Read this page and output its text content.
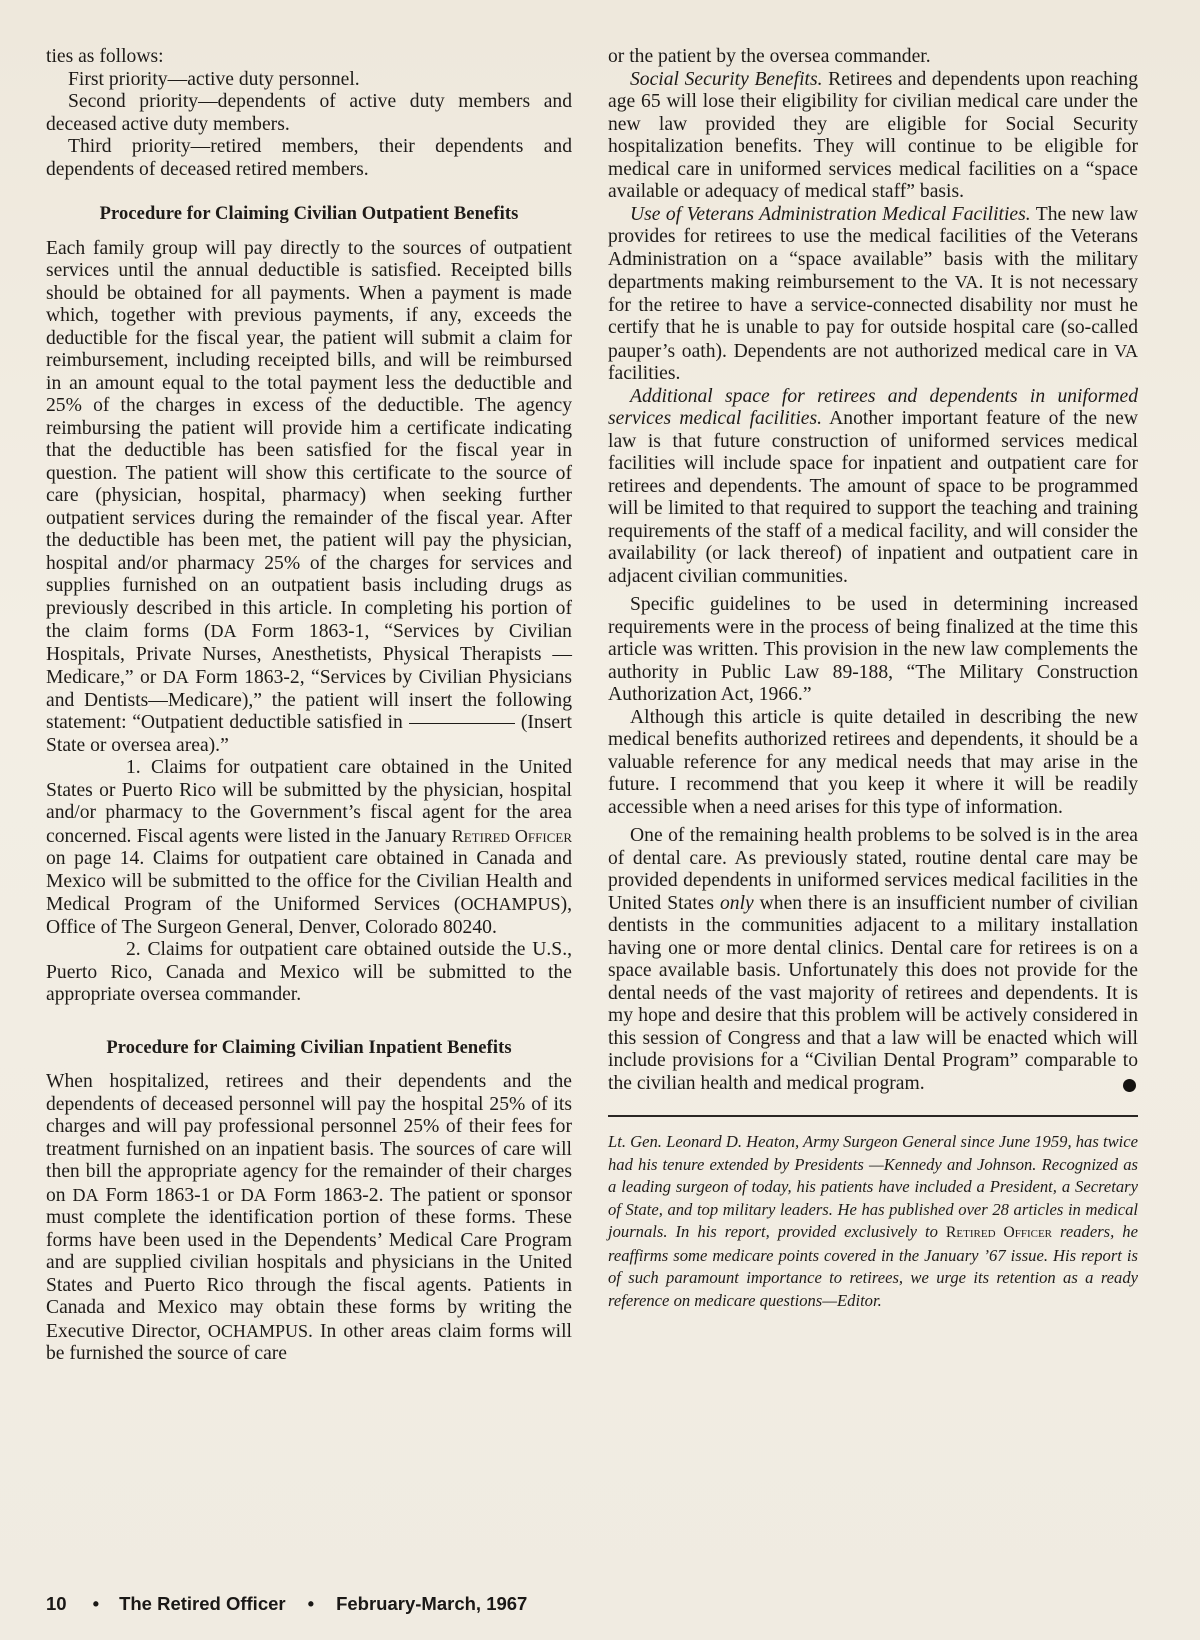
ties as follows:

First priority—active duty personnel.

Second priority—dependents of active duty members and deceased active duty members.

Third priority—retired members, their dependents and dependents of deceased retired members.

Procedure for Claiming Civilian Outpatient Benefits

Each family group will pay directly to the sources of outpatient services until the annual deductible is satisfied. Receipted bills should be obtained for all payments. When a payment is made which, together with previous payments, if any, exceeds the deductible for the fiscal year, the patient will submit a claim for reimbursement, including receipted bills, and will be reimbursed in an amount equal to the total payment less the deductible and 25% of the charges in excess of the deductible. The agency reimbursing the patient will provide him a certificate indicating that the deductible has been satisfied for the fiscal year in question. The patient will show this certificate to the source of care (physician, hospital, pharmacy) when seeking further outpatient services during the remainder of the fiscal year. After the deductible has been met, the patient will pay the physician, hospital and/or pharmacy 25% of the charges for services and supplies furnished on an outpatient basis including drugs as previously described in this article. In completing his portion of the claim forms (DA Form 1863-1, “Services by Civilian Hospitals, Private Nurses, Anesthetists, Physical Therapists —Medicare,” or DA Form 1863-2, “Services by Civilian Physicians and Dentists—Medicare),” the patient will insert the following statement: “Outpatient deductible satisfied in	(Insert State or oversea area).”

1. Claims for outpatient care obtained in the United States or Puerto Rico will be submitted by the physician, hospital and/or pharmacy to the Government’s fiscal agent for the area concerned. Fiscal agents were listed in the January Retired Officer on page 14. Claims for outpatient care obtained in Canada and Mexico will be submitted to the office for the Civilian Health and Medical Program of the Uniformed Services (OCHAMPUS), Office of The Surgeon General, Denver, Colorado 80240.

2. Claims for outpatient care obtained outside the U.S., Puerto Rico, Canada and Mexico will be submitted to the appropriate oversea commander.

Procedure for Claiming Civilian Inpatient Benefits

When hospitalized, retirees and their dependents and the dependents of deceased personnel will pay the hospital 25% of its charges and will pay professional personnel 25% of their fees for treatment furnished on an inpatient basis. The sources of care will then bill the appropriate agency for the remainder of their charges on DA Form 1863-1 or DA Form 1863-2. The patient or sponsor must complete the identification portion of these forms. These forms have been used in the Dependents’ Medical Care Program and are supplied civilian hospitals and physicians in the United States and Puerto Rico through the fiscal agents. Patients in Canada and Mexico may obtain these forms by writing the Executive Director, OCHAMPUS. In other areas claim forms will be furnished the source of care

or the patient by the oversea commander.

Social Security Benefits. Retirees and dependents upon reaching age 65 will lose their eligibility for civilian medical care under the new law provided they are eligible for Social Security hospitalization benefits. They will continue to be eligible for medical care in uniformed services medical facilities on a “space available or adequacy of medical staff” basis.

Use of Veterans Administration Medical Facilities. The new law provides for retirees to use the medical facilities of the Veterans Administration on a “space available” basis with the military departments making reimbursement to the VA. It is not necessary for the retiree to have a service-connected disability nor must he certify that he is unable to pay for outside hospital care (so-called pauper’s oath). Dependents are not authorized medical care in VA facilities.

Additional space for retirees and dependents in uniformed services medical facilities. Another important feature of the new law is that future construction of uniformed services medical facilities will include space for inpatient and outpatient care for retirees and dependents. The amount of space to be programmed will be limited to that required to support the teaching and training requirements of the staff of a medical facility, and will consider the availability (or lack thereof) of inpatient and outpatient care in adjacent civilian communities.

Specific guidelines to be used in determining increased requirements were in the process of being finalized at the time this article was written. This provision in the new law complements the authority in Public Law 89-188, “The Military Construction Authorization Act, 1966.”

Although this article is quite detailed in describing the new medical benefits authorized retirees and dependents, it should be a valuable reference for any medical needs that may arise in the future. I recommend that you keep it where it will be readily accessible when a need arises for this type of information.

One of the remaining health problems to be solved is in the area of dental care. As previously stated, routine dental care may be provided dependents in uniformed services medical facilities in the United States only when there is an insufficient number of civilian dentists in the communities adjacent to a military installation having one or more dental clinics. Dental care for retirees is on a space available basis. Unfortunately this does not provide for the dental needs of the vast majority of retirees and dependents. It is my hope and desire that this problem will be actively considered in this session of Congress and that a law will be enacted which will include provisions for a “Civilian Dental Program” comparable to the civilian health and medical program.

Lt. Gen. Leonard D. Heaton, Army Surgeon General since June 1959, has twice had his tenure extended by Presidents —Kennedy and Johnson. Recognized as a leading surgeon of today, his patients have included a President, a Secretary of State, and top military leaders. He has published over 28 articles in medical journals. In his report, provided exclusively to Retired Officer readers, he reaffirms some medicare points covered in the January ’67 issue. His report is of such paramount importance to retirees, we urge its retention as a ready reference on medicare questions—Editor.

10 • The Retired Officer • February-March, 1967
